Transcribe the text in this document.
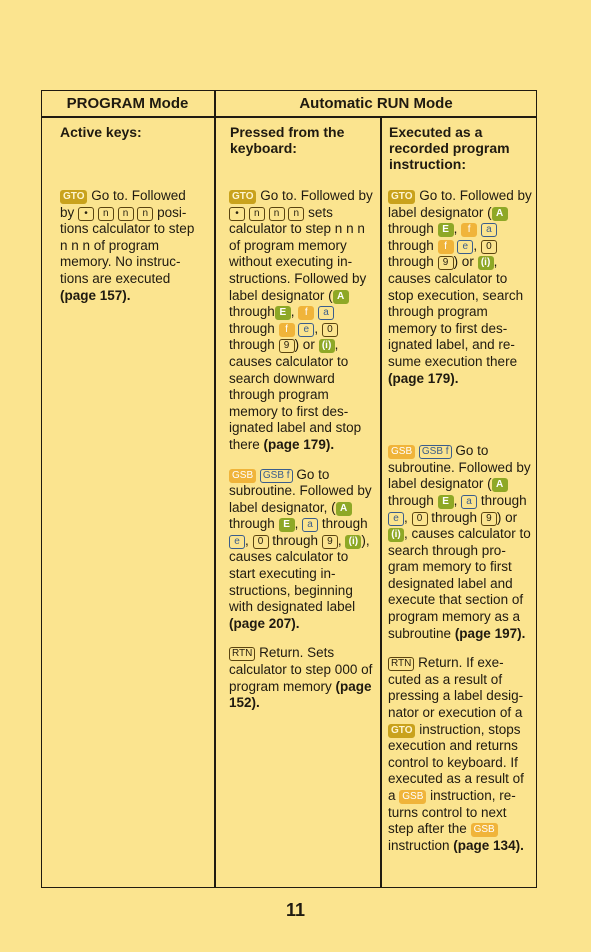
PROGRAM Mode	Automatic RUN Mode
Active keys:	Pressed from the keyboard:
Executed as a recorded program instruction:

GTO Go to. Followed by • n n n posi-tions calculator to step n n n of program memory. No instruc-tions are executed (page 157).

GTO Go to. Followed by • n n n sets calculator to step n n n of program memory without executing in-structions. Followed by label designator ( A through E , f a through f e , 0 through 9 ) or (i) , causes calculator to search downward through program memory to first des-ignated label and stop there (page 179).

GSB GSB f Go to subroutine. Followed by label designator, ( A through E , a through e , 0 through 9 , (i) ), causes calculator to start executing in-structions, beginning with designated label (page 207).

RTN Return. Sets calculator to step 000 of program memory (page 152).

GTO Go to. Followed by label designator ( A through E , f a through f e , 0 through 9 ) or (i) , causes calculator to stop execution, search through program memory to first des-ignated label, and re-sume execution there (page 179).

GSB GSB f Go to subroutine. Followed by label designator ( A through E , a through e , 0 through 9 ) or (i) , causes calculator to search through pro-gram memory to first designated label and execute that section of program memory as a subroutine (page 197).

RTN Return. If exe-cuted as a result of pressing a label desig-nator or execution of a GTO instruction, stops execution and returns control to keyboard. If executed as a result of a GSB instruction, re-turns control to next step after the GSB instruction (page 134).

11
